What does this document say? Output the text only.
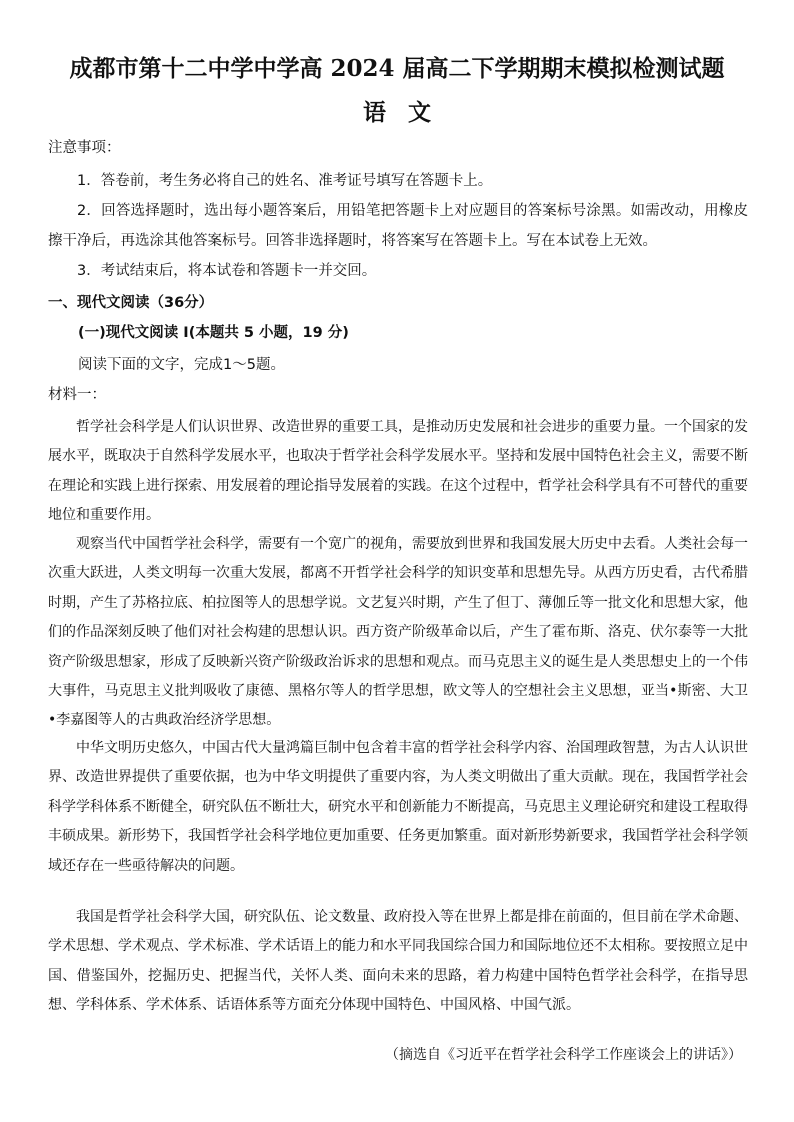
成都市第十二中学中学高 2024 届高二下学期期末模拟检测试题
语文
注意事项：

1．答卷前，考生务必将自己的姓名、准考证号填写在答题卡上。

2．回答选择题时，选出每小题答案后，用铅笔把答题卡上对应题目的答案标号涂黑。如需改动，用橡皮擦干净后，再选涂其他答案标号。回答非选择题时，将答案写在答题卡上。写在本试卷上无效。

3．考试结束后，将本试卷和答题卡一并交回。

一、现代文阅读（36分）
(一)现代文阅读 I(本题共 5 小题，19 分)
阅读下面的文字，完成1～5题。
材料一：

哲学社会科学是人们认识世界、改造世界的重要工具，是推动历史发展和社会进步的重要力量。一个国家的发展水平，既取决于自然科学发展水平，也取决于哲学社会科学发展水平。坚持和发展中国特色社会主义，需要不断在理论和实践上进行探索、用发展着的理论指导发展着的实践。在这个过程中，哲学社会科学具有不可替代的重要地位和重要作用。

观察当代中国哲学社会科学，需要有一个宽广的视角，需要放到世界和我国发展大历史中去看。人类社会每一次重大跃进，人类文明每一次重大发展，都离不开哲学社会科学的知识变革和思想先导。从西方历史看，古代希腊时期，产生了苏格拉底、柏拉图等人的思想学说。文艺复兴时期，产生了但丁、薄伽丘等一批文化和思想大家，他们的作品深刻反映了他们对社会构建的思想认识。西方资产阶级革命以后，产生了霍布斯、洛克、伏尔泰等一大批资产阶级思想家，形成了反映新兴资产阶级政治诉求的思想和观点。而马克思主义的诞生是人类思想史上的一个伟大事件，马克思主义批判吸收了康德、黑格尔等人的哲学思想，欧文等人的空想社会主义思想，亚当•斯密、大卫•李嘉图等人的古典政治经济学思想。

中华文明历史悠久，中国古代大量鸿篇巨制中包含着丰富的哲学社会科学内容、治国理政智慧，为古人认识世界、改造世界提供了重要依据，也为中华文明提供了重要内容，为人类文明做出了重大贡献。现在，我国哲学社会科学学科体系不断健全，研究队伍不断壮大，研究水平和创新能力不断提高，马克思主义理论研究和建设工程取得丰硕成果。新形势下，我国哲学社会科学地位更加重要、任务更加繁重。面对新形势新要求，我国哲学社会科学领域还存在一些亟待解决的问题。

我国是哲学社会科学大国，研究队伍、论文数量、政府投入等在世界上都是排在前面的，但目前在学术命题、学术思想、学术观点、学术标准、学术话语上的能力和水平同我国综合国力和国际地位还不太相称。要按照立足中国、借鉴国外，挖掘历史、把握当代，关怀人类、面向未来的思路，着力构建中国特色哲学社会科学，在指导思想、学科体系、学术体系、话语体系等方面充分体现中国特色、中国风格、中国气派。

（摘选自《习近平在哲学社会科学工作座谈会上的讲话》）
